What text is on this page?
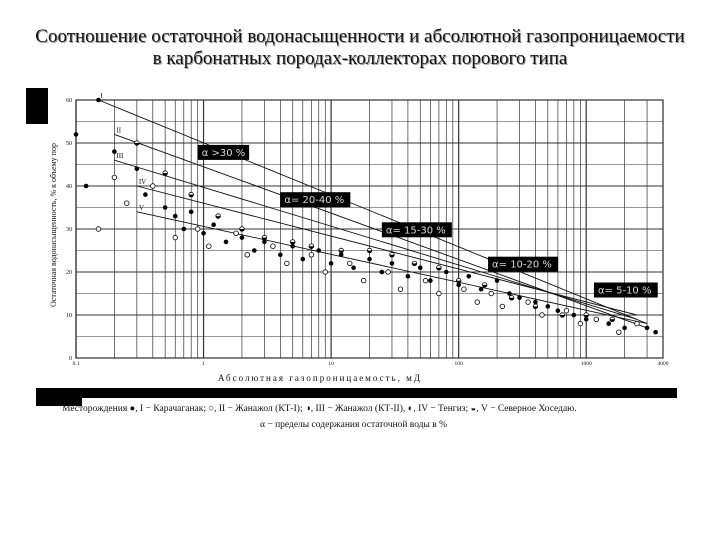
Соотношение остаточной водонасыщенности и абсолютной газопроницаемости
в карбонатных породах-коллекторах порового типа
I
II
III
IV
V
α >30 %
α= 20-40 %
α= 15-30 %
α= 10-20 %
α= 5-10 %
0.1	1	10	100	1000	4000
0
10
20
30
40
50
60
Абсолютная газопроницаемость, мД
Остаточная водонасыщенность, % к объему пор
Месторождения ●, I − Карачаганак; ○, II − Жанажол (КТ-I); ◑, III − Жанажол (КТ-II), ◐, IV − Тенгиз; ◒, V − Северное Хоседаю.
α − пределы содержания остаточной воды в %
